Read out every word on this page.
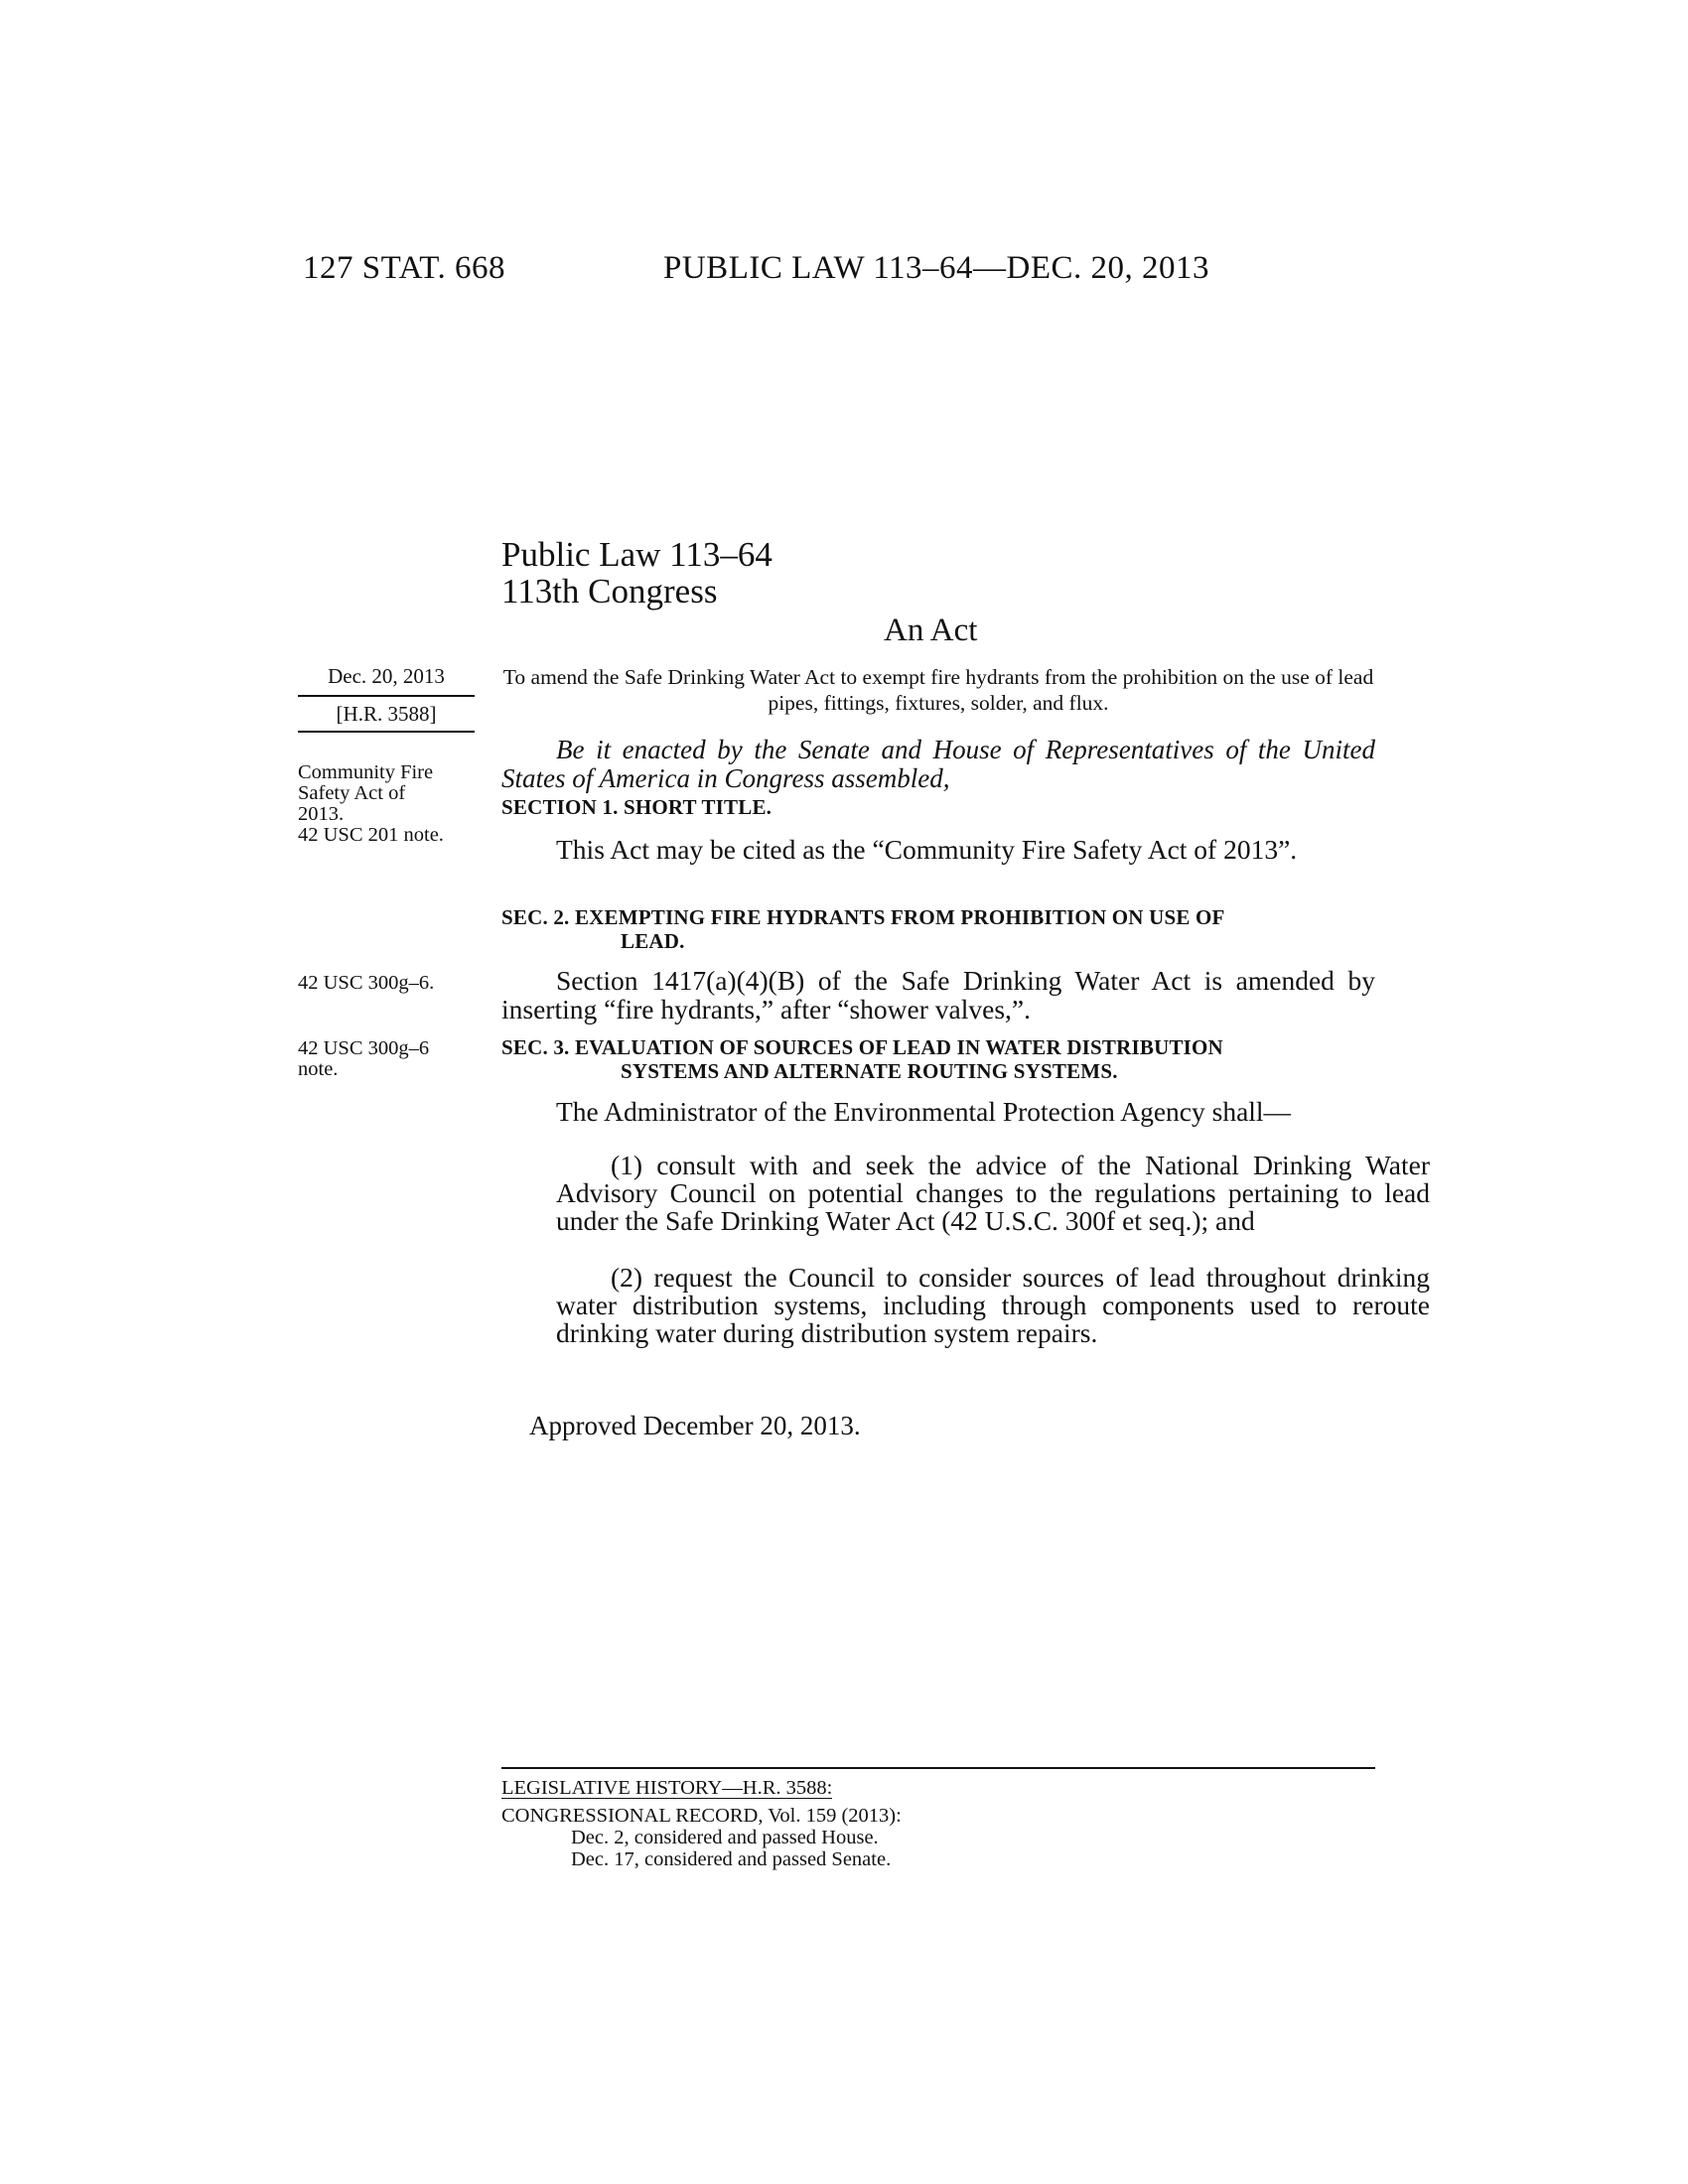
127 STAT. 668	PUBLIC LAW 113–64—DEC. 20, 2013
Public Law 113–64
113th Congress
An Act
Dec. 20, 2013
[H.R. 3588]
Community Fire
Safety Act of
2013.
42 USC 201 note.
42 USC 300g–6.
42 USC 300g–6
note.
To amend the Safe Drinking Water Act to exempt fire hydrants from the prohibition on the use of lead pipes, fittings, fixtures, solder, and flux.
Be it enacted by the Senate and House of Representatives of the United States of America in Congress assembled,
SECTION 1. SHORT TITLE.
This Act may be cited as the “Community Fire Safety Act of 2013”.
SEC. 2. EXEMPTING FIRE HYDRANTS FROM PROHIBITION ON USE OF
LEAD.
Section 1417(a)(4)(B) of the Safe Drinking Water Act is amended by inserting “fire hydrants,” after “shower valves,”.
SEC. 3. EVALUATION OF SOURCES OF LEAD IN WATER DISTRIBUTION
SYSTEMS AND ALTERNATE ROUTING SYSTEMS.
The Administrator of the Environmental Protection Agency shall—
(1) consult with and seek the advice of the National Drinking Water Advisory Council on potential changes to the regulations pertaining to lead under the Safe Drinking Water Act (42 U.S.C. 300f et seq.); and
(2) request the Council to consider sources of lead throughout drinking water distribution systems, including through components used to reroute drinking water during distribution system repairs.
Approved December 20, 2013.
LEGISLATIVE HISTORY—H.R. 3588:
CONGRESSIONAL RECORD, Vol. 159 (2013):
Dec. 2, considered and passed House.
Dec. 17, considered and passed Senate.
